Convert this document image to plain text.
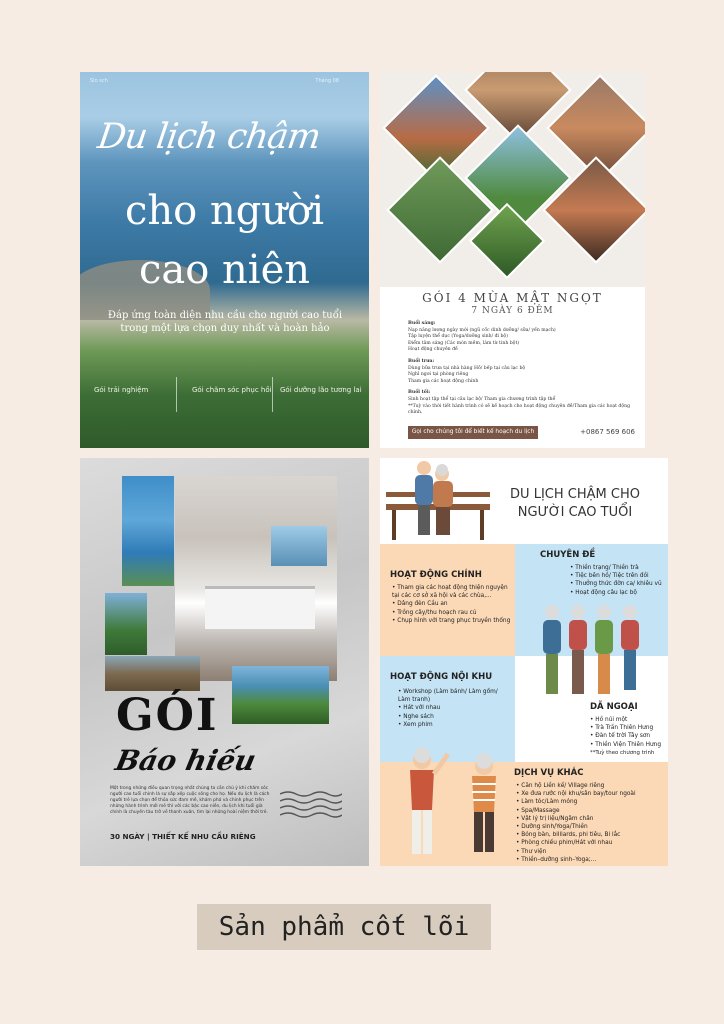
Slo sch	Tháng 08
Du lịch chậm
cho người
cao niên
Đáp ứng toàn diện nhu cầu cho người cao tuổi
trong một lựa chọn duy nhất và hoàn hảo
Gói trải nghiệm	Gói chăm sóc phục hồi Gói dưỡng lão tương lai
GÓI 4 MÙA MẬT NGỌT
7 NGÀY 6 ĐÊM
Buổi sáng:
Nạp năng lượng ngày mới (ngũ cốc dinh dưỡng/ sữa/ yến mạch)
Tập luyện thể dục (Yoga/dưỡng sinh/ đi bộ)
Điểm tâm sáng (Các món mềm, làm từ tinh bột)
Hoạt động chuyên đề
Buổi trưa:
Dùng bữa trưa tại nhà hàng Hồ/ bếp tại câu lạc bộ
Nghỉ ngơi tại phòng riêng
Tham gia các hoạt động chính
Buổi tối:
Sinh hoạt tập thể tại câu lạc bộ/ Tham gia chương trình tập thể
**Tuỳ vào thời tiết hành trình có sẽ kế hoạch cho hoạt động chuyên đề/Tham gia các hoạt động chính.
Gọi cho chúng tôi để biết kế hoạch du lịch	+0867 569 606
GÓI
Báo hiếu
Một trong những điều quan trọng nhất chúng ta cần chú ý khi chăm sóc người cao tuổi chính là sự sắp xếp cuộc sống cho họ. Nếu du lịch là cách người trẻ lựa chọn để thỏa sức đam mê, khám phá và chinh phục trên những hành trình mới mẻ thì với các bậc cao niên, du lịch khi tuổi già chính là chuyến tàu trở về thanh xuân, tìm lại những hoài niệm thời trẻ.
30 NGÀY | THIẾT KẾ NHU CẦU RIÊNG
DU LỊCH CHẬM CHO
NGƯỜI CAO TUỔI
HOẠT ĐỘNG CHÍNH
• Tham gia các hoạt động thiện nguyện tại các cơ sở xã hội và các chùa,...
• Dâng đèn Cầu an
• Trồng cây/thu hoạch rau củ
• Chụp hình với trang phục truyền thống
CHUYÊN ĐỀ
• Thiền trạng/ Thiền trà
• Tiệc bên hồ/ Tiệc trên đồi
• Thưởng thức đờn ca/ khiêu vũ
• Hoạt động câu lạc bộ
HOẠT ĐỘNG NỘI KHU
• Workshop (Làm bánh/ Làm gốm/ Làm tranh)
• Hát với nhau
• Nghe sách
• Xem phim
DÃ NGOẠI
• Hồ núi một
• Trà Trần Thiên Hưng
• Đàn tế trời Tây sơn
• Thiền Viện Thiên Hưng
**Tuỳ theo chương trình
DỊCH VỤ KHÁC
• Căn hộ Liền kề/ Village riêng
• Xe đưa rước nội khu/sân bay/tour ngoài
• Làm tóc/Làm móng
• Spa/Massage
• Vật lý trị liệu/Ngâm chân
• Dưỡng sinh/Yoga/Thiền
• Bóng bàn, billiards, phi tiêu, Bi lắc
• Phòng chiếu phim/Hát với nhau
• Thư viện
• Thiền–dưỡng sinh–Yoga;...
Sản phẩm cốt lõi
